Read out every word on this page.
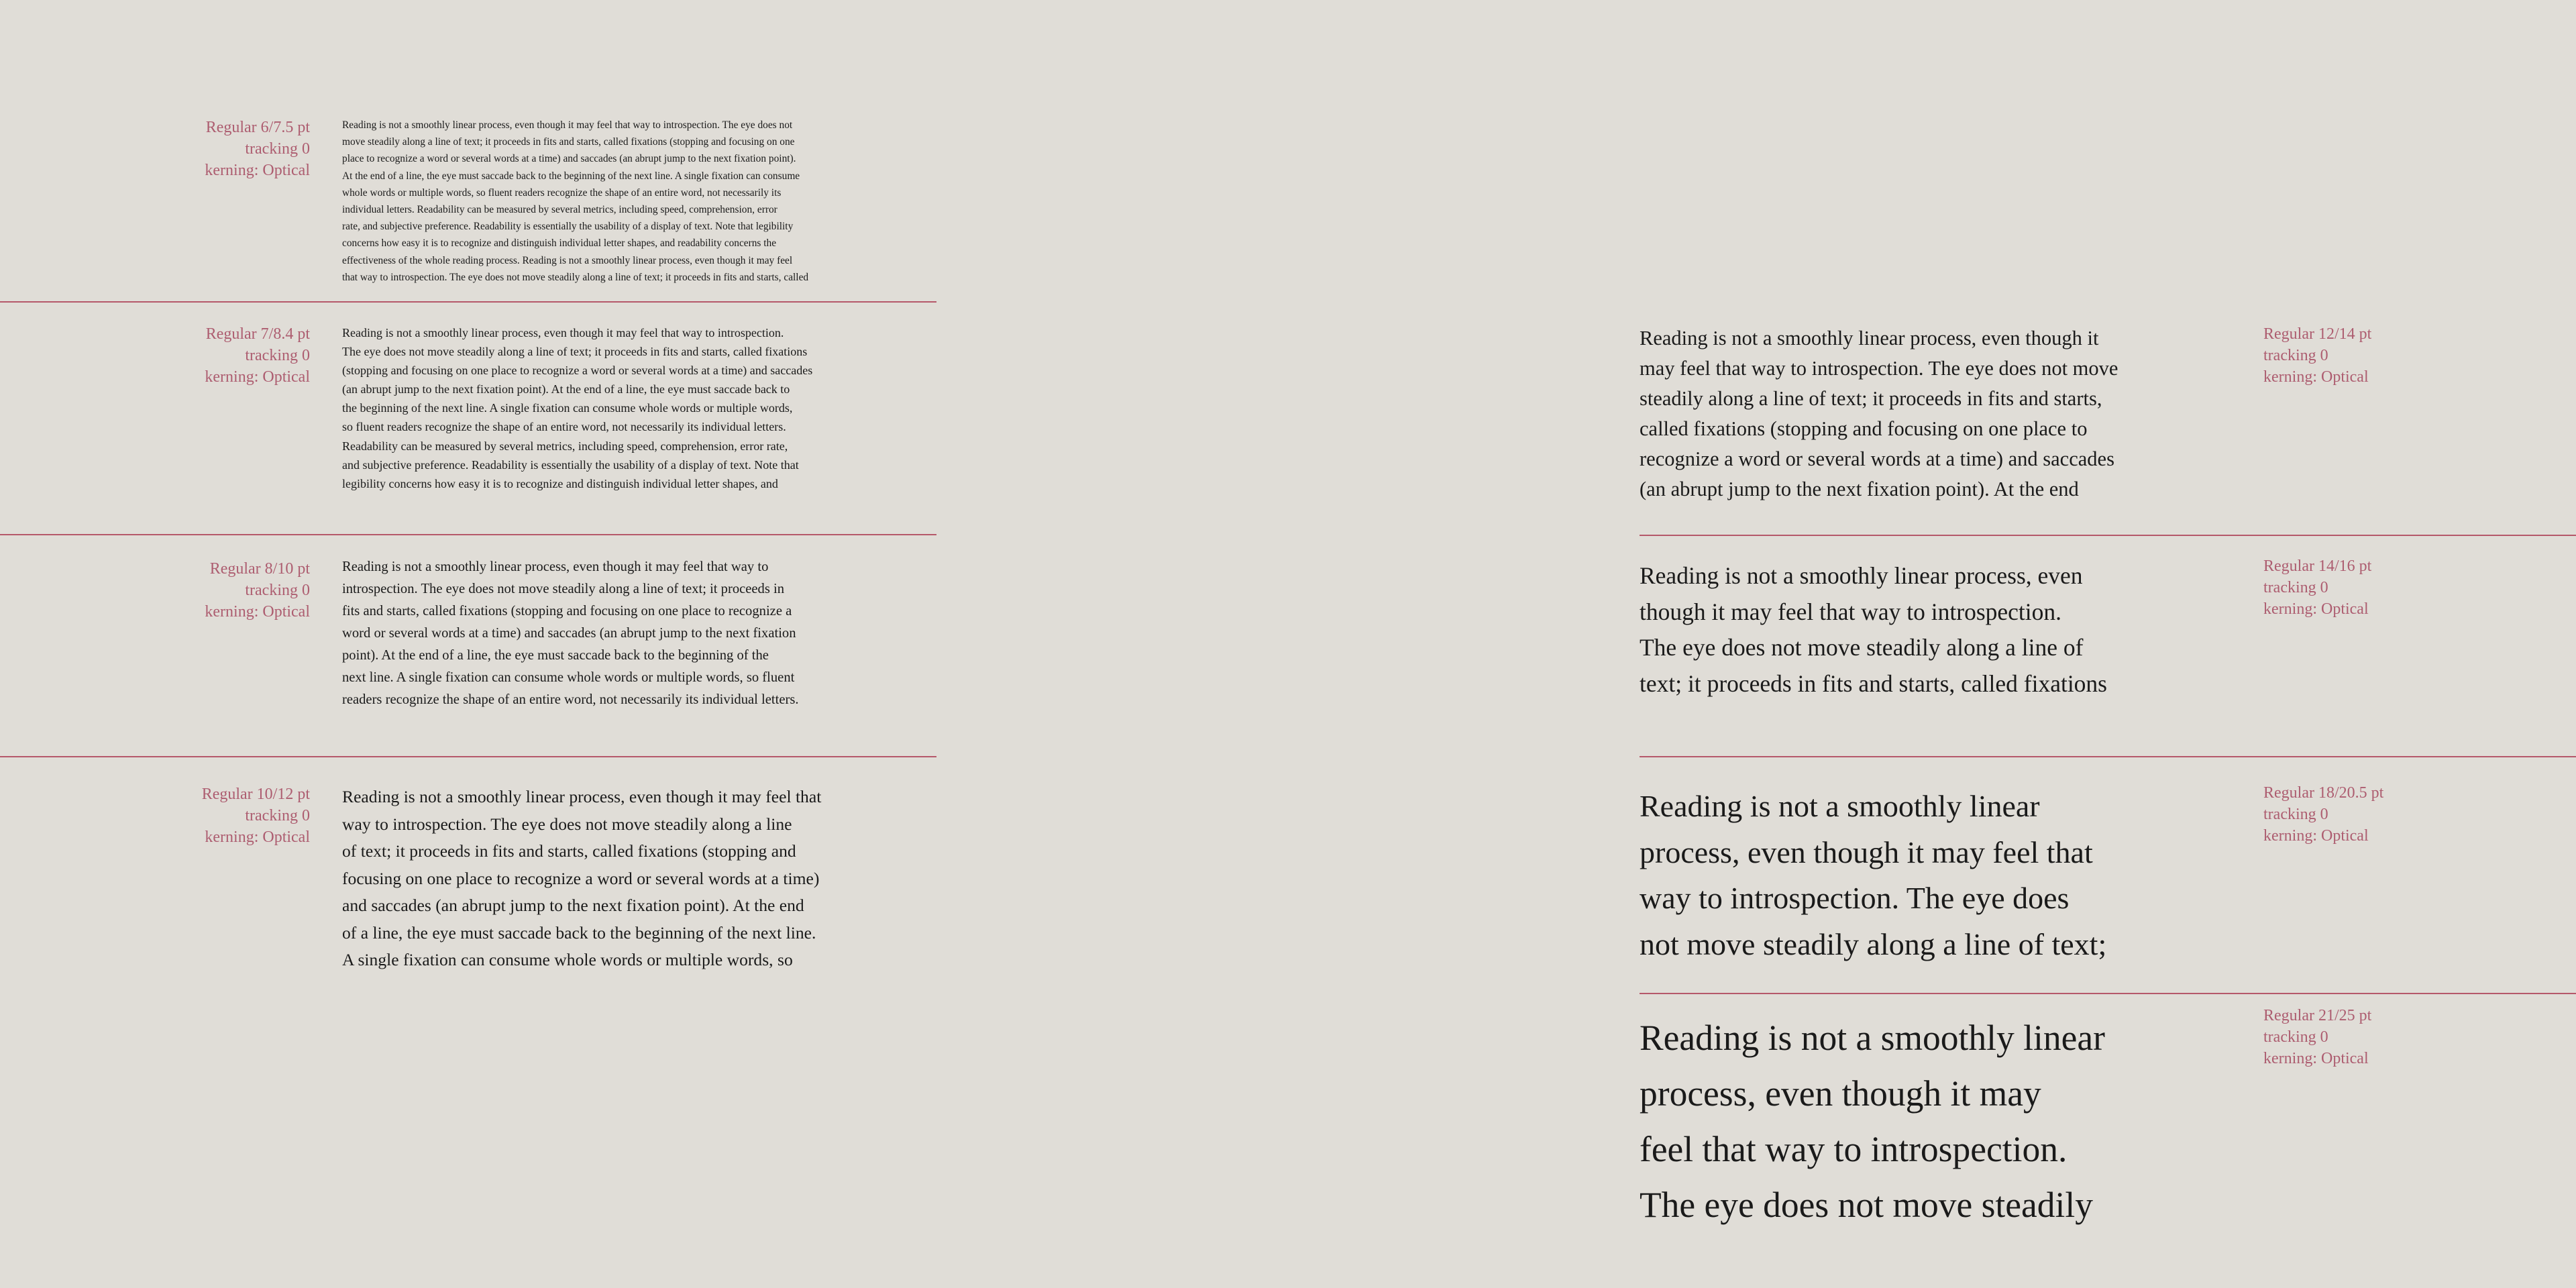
Regular 6/7.5 pt
tracking 0
kerning: Optical
Reading is not a smoothly linear process, even though it may feel that way to introspection. The eye does not
move steadily along a line of text; it proceeds in fits and starts, called fixations (stopping and focusing on one
place to recognize a word or several words at a time) and saccades (an abrupt jump to the next fixation point).
At the end of a line, the eye must saccade back to the beginning of the next line. A single fixation can consume
whole words or multiple words, so fluent readers recognize the shape of an entire word, not necessarily its
individual letters. Readability can be measured by several metrics, including speed, comprehension, error
rate, and subjective preference. Readability is essentially the usability of a display of text. Note that legibility
concerns how easy it is to recognize and distinguish individual letter shapes, and readability concerns the
effectiveness of the whole reading process. Reading is not a smoothly linear process, even though it may feel
that way to introspection. The eye does not move steadily along a line of text; it proceeds in fits and starts, called
Regular 7/8.4 pt
tracking 0
kerning: Optical
Reading is not a smoothly linear process, even though it may feel that way to introspection.
The eye does not move steadily along a line of text; it proceeds in fits and starts, called fixations
(stopping and focusing on one place to recognize a word or several words at a time) and saccades
(an abrupt jump to the next fixation point). At the end of a line, the eye must saccade back to
the beginning of the next line. A single fixation can consume whole words or multiple words,
so fluent readers recognize the shape of an entire word, not necessarily its individual letters.
Readability can be measured by several metrics, including speed, comprehension, error rate,
and subjective preference. Readability is essentially the usability of a display of text. Note that
legibility concerns how easy it is to recognize and distinguish individual letter shapes, and
Regular 8/10 pt
tracking 0
kerning: Optical
Reading is not a smoothly linear process, even though it may feel that way to
introspection. The eye does not move steadily along a line of text; it proceeds in
fits and starts, called fixations (stopping and focusing on one place to recognize a
word or several words at a time) and saccades (an abrupt jump to the next fixation
point). At the end of a line, the eye must saccade back to the beginning of the
next line. A single fixation can consume whole words or multiple words, so fluent
readers recognize the shape of an entire word, not necessarily its individual letters.
Regular 10/12 pt
tracking 0
kerning: Optical
Reading is not a smoothly linear process, even though it may feel that
way to introspection. The eye does not move steadily along a line
of text; it proceeds in fits and starts, called fixations (stopping and
focusing on one place to recognize a word or several words at a time)
and saccades (an abrupt jump to the next fixation point). At the end
of a line, the eye must saccade back to the beginning of the next line.
A single fixation can consume whole words or multiple words, so
Reading is not a smoothly linear process, even though it
may feel that way to introspection. The eye does not move
steadily along a line of text; it proceeds in fits and starts,
called fixations (stopping and focusing on one place to
recognize a word or several words at a time) and saccades
(an abrupt jump to the next fixation point). At the end
Regular 12/14 pt
tracking 0
kerning: Optical
Reading is not a smoothly linear process, even
though it may feel that way to introspection.
The eye does not move steadily along a line of
text; it proceeds in fits and starts, called fixations
Regular 14/16 pt
tracking 0
kerning: Optical
Reading is not a smoothly linear
process, even though it may feel that
way to introspection. The eye does
not move steadily along a line of text;
Regular 18/20.5 pt
tracking 0
kerning: Optical
Reading is not a smoothly linear
process, even though it may
feel that way to introspection.
The eye does not move steadily
Regular 21/25 pt
tracking 0
kerning: Optical
